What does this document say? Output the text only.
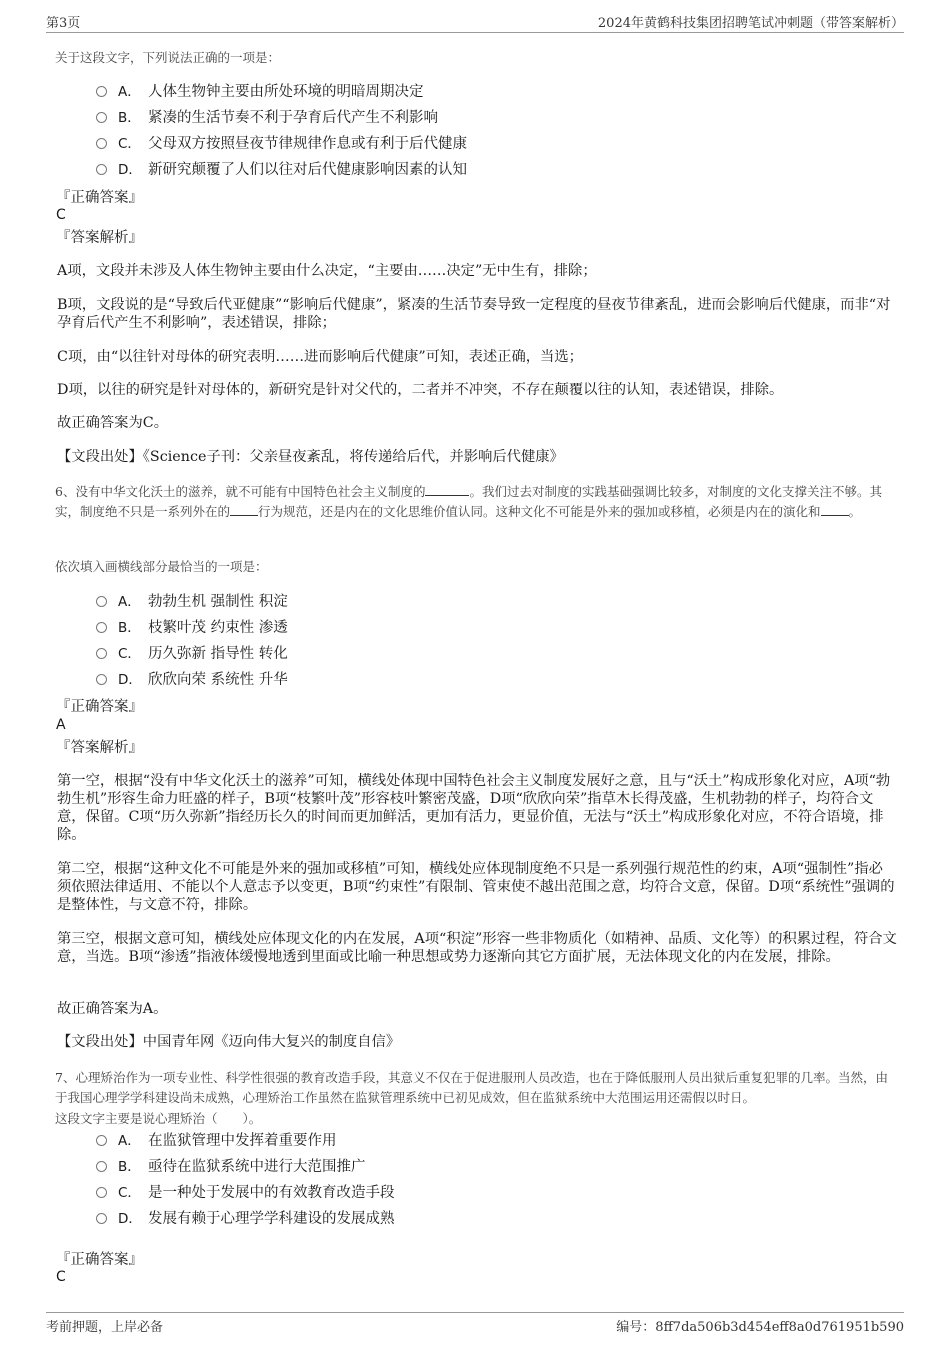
第3页	2024年黄鹤科技集团招聘笔试冲刺题（带答案解析）
关于这段文字，下列说法正确的一项是：
A． 人体生物钟主要由所处环境的明暗周期决定
B． 紧凑的生活节奏不利于孕育后代产生不利影响
C． 父母双方按照昼夜节律规律作息或有利于后代健康
D． 新研究颠覆了人们以往对后代健康影响因素的认知
『正确答案』
C
『答案解析』
A项，文段并未涉及人体生物钟主要由什么决定，“主要由……决定”无中生有，排除；
B项，文段说的是“导致后代亚健康”“影响后代健康”，紧凑的生活节奏导致一定程度的昼夜节律紊乱，进而会影响后代健康，而非“对孕育后代产生不利影响”，表述错误，排除；
C项，由“以往针对母体的研究表明……进而影响后代健康”可知，表述正确，当选；
D项，以往的研究是针对母体的，新研究是针对父代的，二者并不冲突，不存在颠覆以往的认知，表述错误，排除。
故正确答案为C。
【文段出处】《Science子刊：父亲昼夜紊乱，将传递给后代，并影响后代健康》
6、没有中华文化沃土的滋养，就不可能有中国特色社会主义制度的	。我们过去对制度的实践基础强调比较多，对制度的文化支撑关注不够。其实，制度绝不只是一系列外在的 行为规范，还是内在的文化思维价值认同。这种文化不可能是外来的强加或移植，必须是内在的演化和 。
依次填入画横线部分最恰当的一项是：
A． 勃勃生机 强制性 积淀
B． 枝繁叶茂 约束性 渗透
C． 历久弥新 指导性 转化
D． 欣欣向荣 系统性 升华
『正确答案』
A
『答案解析』
第一空，根据“没有中华文化沃土的滋养”可知，横线处体现中国特色社会主义制度发展好之意，且与“沃土”构成形象化对应，A项“勃勃生机”形容生命力旺盛的样子，B项“枝繁叶茂”形容枝叶繁密茂盛，D项“欣欣向荣”指草木长得茂盛，生机勃勃的样子，均符合文意，保留。C项“历久弥新”指经历长久的时间而更加鲜活，更加有活力，更显价值，无法与“沃土”构成形象化对应，不符合语境，排除。
第二空，根据“这种文化不可能是外来的强加或移植”可知，横线处应体现制度绝不只是一系列强行规范性的约束，A项“强制性”指必须依照法律适用、不能以个人意志予以变更，B项“约束性”有限制、管束使不越出范围之意，均符合文意，保留。D项“系统性”强调的是整体性，与文意不符，排除。
第三空，根据文意可知，横线处应体现文化的内在发展，A项“积淀”形容一些非物质化（如精神、品质、文化等）的积累过程，符合文意，当选。B项“渗透”指液体缓慢地透到里面或比喻一种思想或势力逐渐向其它方面扩展，无法体现文化的内在发展，排除。
故正确答案为A。
【文段出处】中国青年网《迈向伟大复兴的制度自信》
7、心理矫治作为一项专业性、科学性很强的教育改造手段，其意义不仅在于促进服刑人员改造，也在于降低服刑人员出狱后重复犯罪的几率。当然，由于我国心理学学科建设尚未成熟，心理矫治工作虽然在监狱管理系统中已初见成效，但在监狱系统中大范围运用还需假以时日。
这段文字主要是说心理矫治（　　）。
A． 在监狱管理中发挥着重要作用
B． 亟待在监狱系统中进行大范围推广
C． 是一种处于发展中的有效教育改造手段
D． 发展有赖于心理学学科建设的发展成熟
『正确答案』
C
考前押题，上岸必备	编号：8ff7da506b3d454eff8a0d761951b590
